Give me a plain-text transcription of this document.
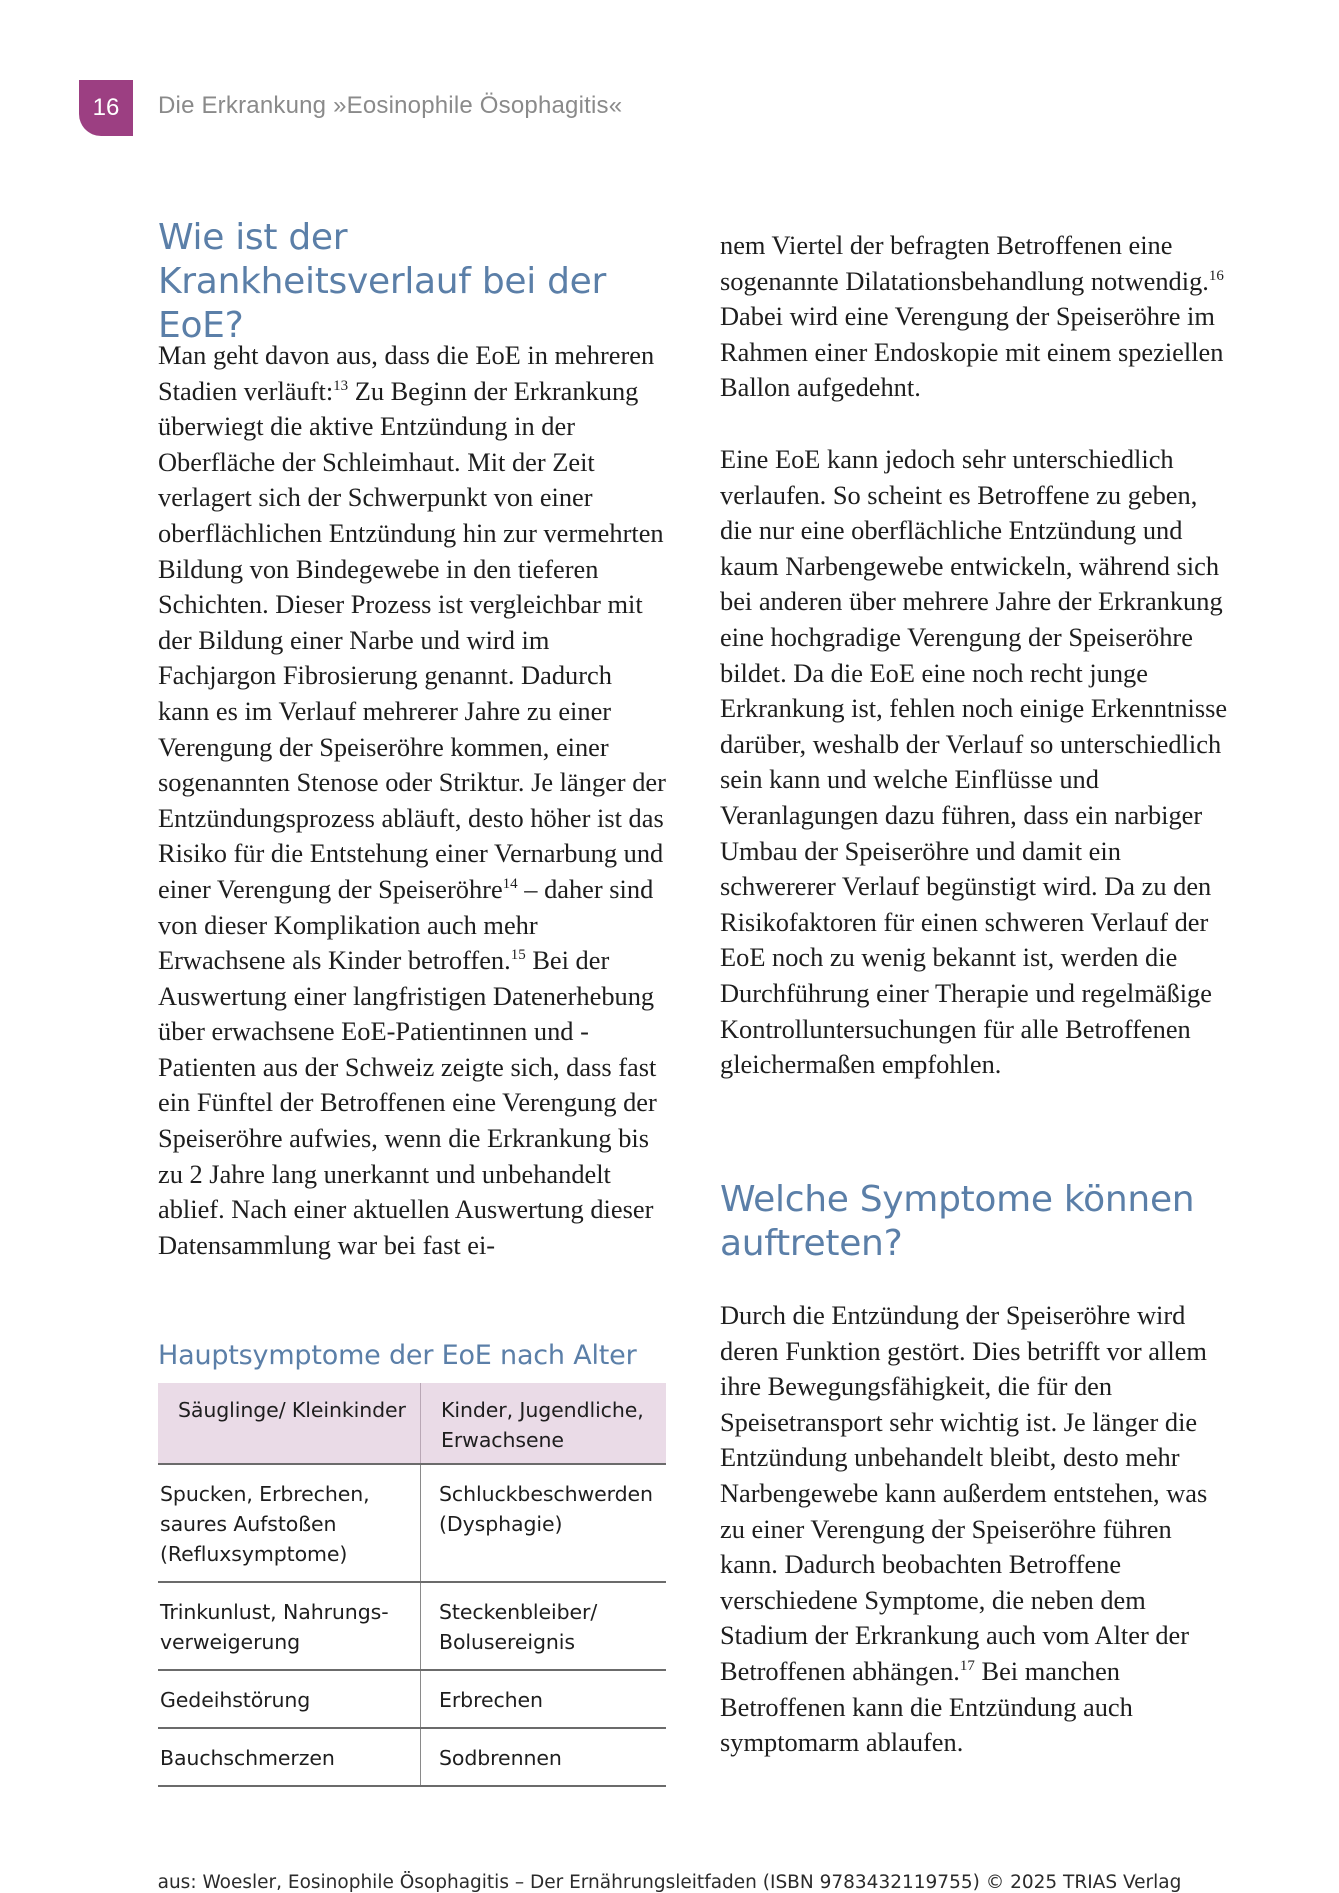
16	Die Erkrankung »Eosinophile Ösophagitis«
Wie ist der Krankheitsverlauf bei der EoE?

Man geht davon aus, dass die EoE in mehreren Stadien verläuft:$^{13}$ Zu Beginn der Erkrankung überwiegt die aktive Entzündung in der Oberfläche der Schleimhaut. Mit der Zeit verlagert sich der Schwerpunkt von einer oberflächlichen Entzündung hin zur vermehrten Bildung von Bindegewebe in den tieferen Schichten. Dieser Prozess ist vergleichbar mit der Bildung einer Narbe und wird im Fachjargon Fibrosierung genannt. Dadurch kann es im Verlauf mehrerer Jahre zu einer Verengung der Speiseröhre kommen, einer sogenannten Stenose oder Striktur. Je länger der Entzündungsprozess abläuft, desto höher ist das Risiko für die Entstehung einer Vernarbung und einer Verengung der Speiseröhre$^{14}$ – daher sind von dieser Komplikation auch mehr Erwachsene als Kinder betroffen.$^{15}$ Bei der Auswertung einer langfristigen Datenerhebung über erwachsene EoE-Patientinnen und -Patienten aus der Schweiz zeigte sich, dass fast ein Fünftel der Betroffenen eine Verengung der Speiseröhre aufwies, wenn die Erkrankung bis zu 2 Jahre lang unerkannt und unbehandelt ablief. Nach einer aktuellen Auswertung dieser Datensammlung war bei fast ei-

Hauptsymptome der EoE nach Alter

Säuglinge/ Kleinkinder	Kinder, Jugendliche, Erwachsene
Spucken, Erbrechen, saures Aufstoßen (Refluxsymptome)	Schluckbeschwerden (Dysphagie)
Trinkunlust, Nahrungs-verweigerung	Steckenbleiber/ Bolusereignis
Gedeihstörung	Erbrechen
Bauchschmerzen	Sodbrennen

nem Viertel der befragten Betroffenen eine sogenannte Dilatationsbehandlung notwendig.$^{16}$ Dabei wird eine Verengung der Speiseröhre im Rahmen einer Endoskopie mit einem speziellen Ballon aufgedehnt.

Eine EoE kann jedoch sehr unterschiedlich verlaufen. So scheint es Betroffene zu geben, die nur eine oberflächliche Entzündung und kaum Narbengewebe entwickeln, während sich bei anderen über mehrere Jahre der Erkrankung eine hochgradige Verengung der Speiseröhre bildet. Da die EoE eine noch recht junge Erkrankung ist, fehlen noch einige Erkenntnisse darüber, weshalb der Verlauf so unterschiedlich sein kann und welche Einflüsse und Veranlagungen dazu führen, dass ein narbiger Umbau der Speiseröhre und damit ein schwererer Verlauf begünstigt wird. Da zu den Risikofaktoren für einen schweren Verlauf der EoE noch zu wenig bekannt ist, werden die Durchführung einer Therapie und regelmäßige Kontrolluntersuchungen für alle Betroffenen gleichermaßen empfohlen.

Welche Symptome können auftreten?

Durch die Entzündung der Speiseröhre wird deren Funktion gestört. Dies betrifft vor allem ihre Bewegungsfähigkeit, die für den Speisetransport sehr wichtig ist. Je länger die Entzündung unbehandelt bleibt, desto mehr Narbengewebe kann außerdem entstehen, was zu einer Verengung der Speiseröhre führen kann. Dadurch beobachten Betroffene verschiedene Symptome, die neben dem Stadium der Erkrankung auch vom Alter der Betroffenen abhängen.$^{17}$ Bei manchen Betroffenen kann die Entzündung auch symptomarm ablaufen.

aus: Woesler, Eosinophile Ösophagitis – Der Ernährungsleitfaden (ISBN 9783432119755) © 2025 TRIAS Verlag
